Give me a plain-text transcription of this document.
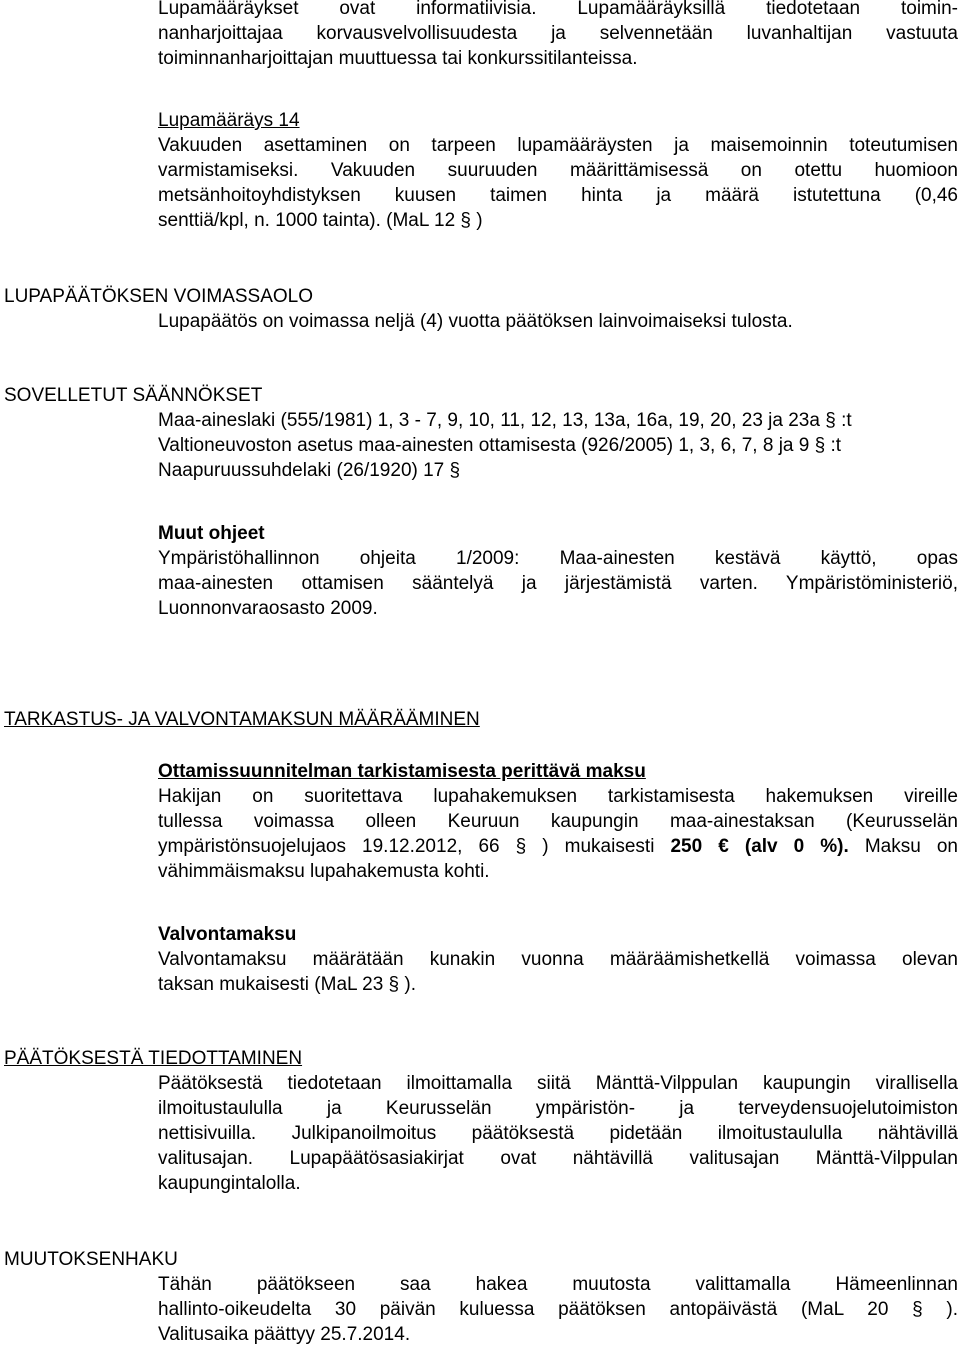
Lupamääräykset ovat informatiivisia. Lupamääräyksillä tiedotetaan toimin-
nanharjoittajaa korvausvelvollisuudesta ja selvennetään luvanhaltijan vastuuta
toiminnanharjoittajan muuttuessa tai konkurssitilanteissa.
Lupamääräys 14
Vakuuden asettaminen on tarpeen lupamääräysten ja maisemoinnin toteutumisen
varmistamiseksi. Vakuuden suuruuden määrittämisessä on otettu huomioon
metsänhoitoyhdistyksen kuusen taimen hinta ja määrä istutettuna (0,46
senttiä/kpl, n. 1000 tainta). (MaL 12 § )
LUPAPÄÄTÖKSEN VOIMASSAOLO
Lupapäätös on voimassa neljä (4) vuotta päätöksen lainvoimaiseksi tulosta.
SOVELLETUT SÄÄNNÖKSET
Maa-aineslaki (555/1981) 1, 3 - 7, 9, 10, 11, 12, 13, 13a, 16a, 19, 20, 23 ja 23a § :t
Valtioneuvoston asetus maa-ainesten ottamisesta (926/2005) 1, 3, 6, 7, 8 ja 9 § :t
Naapuruussuhdelaki (26/1920) 17 §
Muut ohjeet
Ympäristöhallinnon ohjeita 1/2009: Maa-ainesten kestävä käyttö, opas
maa-ainesten ottamisen sääntelyä ja järjestämistä varten. Ympäristöministeriö,
Luonnonvaraosasto 2009.
TARKASTUS- JA VALVONTAMAKSUN MÄÄRÄÄMINEN
Ottamissuunnitelman tarkistamisesta perittävä maksu
Hakijan on suoritettava lupahakemuksen tarkistamisesta hakemuksen vireille
tullessa voimassa olleen Keuruun kaupungin maa-ainestaksan (Keurusselän
ympäristönsuojelujaos 19.12.2012, 66 § ) mukaisesti 250 € (alv 0 %). Maksu on
vähimmäismaksu lupahakemusta kohti.
Valvontamaksu
Valvontamaksu määrätään kunakin vuonna määräämishetkellä voimassa olevan
taksan mukaisesti (MaL 23 § ).
PÄÄTÖKSESTÄ TIEDOTTAMINEN
Päätöksestä tiedotetaan ilmoittamalla siitä Mänttä-Vilppulan kaupungin virallisella
ilmoitustaululla ja Keurusselän ympäristön- ja terveydensuojelutoimiston
nettisivuilla. Julkipanoilmoitus päätöksestä pidetään ilmoitustaululla nähtävillä
valitusajan. Lupapäätösasiakirjat ovat nähtävillä valitusajan Mänttä-Vilppulan
kaupungintalolla.
MUUTOKSENHAKU
Tähän päätökseen saa hakea muutosta valittamalla Hämeenlinnan
hallinto-oikeudelta 30 päivän kuluessa päätöksen antopäivästä (MaL 20 § ).
Valitusaika päättyy 25.7.2014.
